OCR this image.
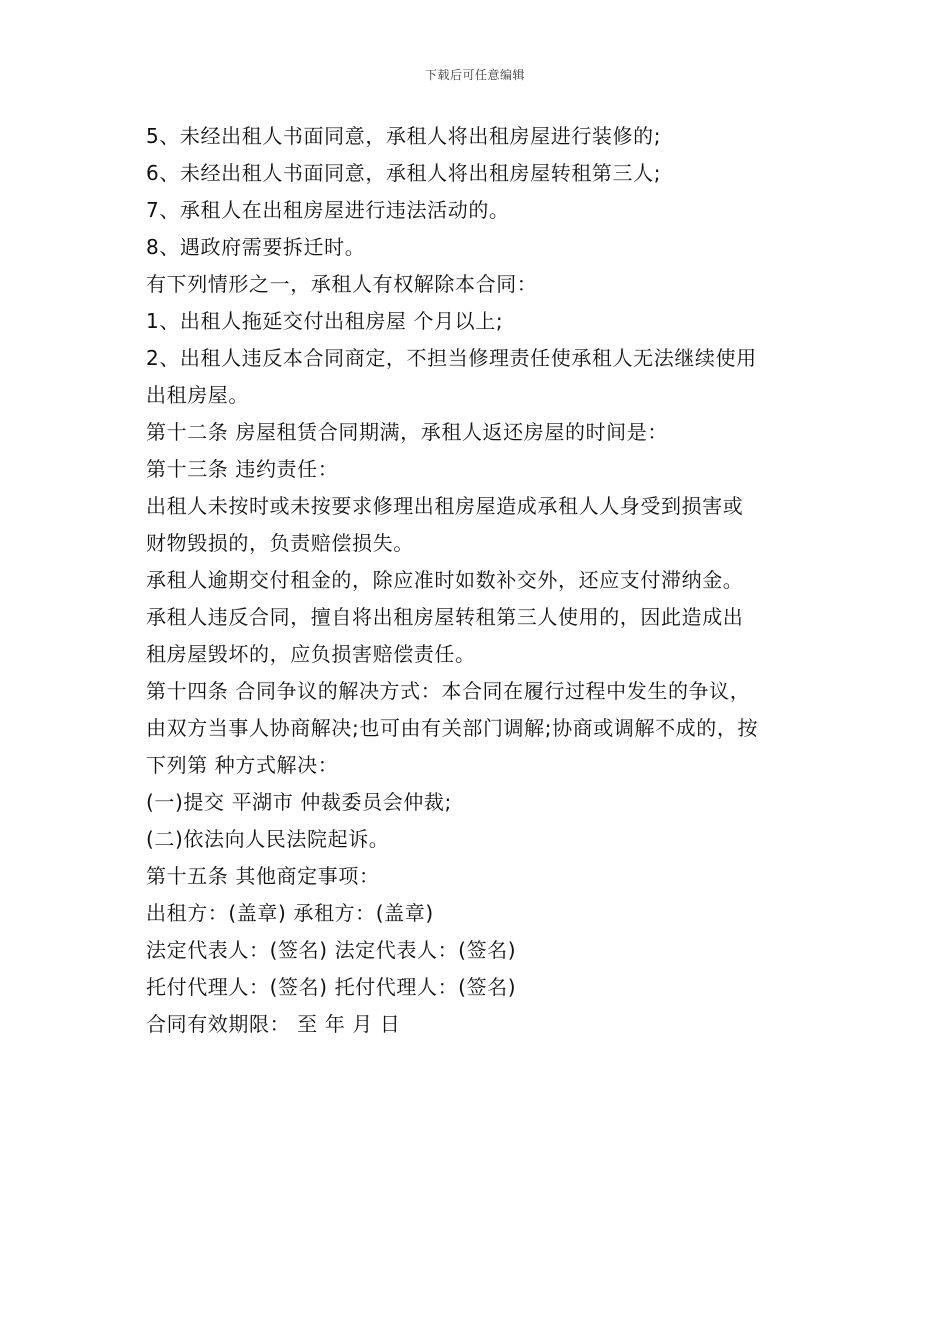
下载后可任意编辑
5、未经出租人书面同意，承租人将出租房屋进行装修的;
6、未经出租人书面同意，承租人将出租房屋转租第三人;
7、承租人在出租房屋进行违法活动的。
8、遇政府需要拆迁时。
有下列情形之一，承租人有权解除本合同：
1、出租人拖延交付出租房屋 个月以上;
2、出租人违反本合同商定，不担当修理责任使承租人无法继续使用
出租房屋。
第十二条 房屋租赁合同期满，承租人返还房屋的时间是：
第十三条 违约责任：
出租人未按时或未按要求修理出租房屋造成承租人人身受到损害或
财物毁损的，负责赔偿损失。
承租人逾期交付租金的，除应准时如数补交外，还应支付滞纳金。
承租人违反合同，擅自将出租房屋转租第三人使用的，因此造成出
租房屋毁坏的，应负损害赔偿责任。
第十四条 合同争议的解决方式：本合同在履行过程中发生的争议，
由双方当事人协商解决;也可由有关部门调解;协商或调解不成的，按
下列第 种方式解决：
(一)提交 平湖市 仲裁委员会仲裁;
(二)依法向人民法院起诉。
第十五条 其他商定事项：
出租方：(盖章) 承租方：(盖章)
法定代表人：(签名) 法定代表人：(签名)
托付代理人：(签名) 托付代理人：(签名)
合同有效期限： 至 年 月 日
